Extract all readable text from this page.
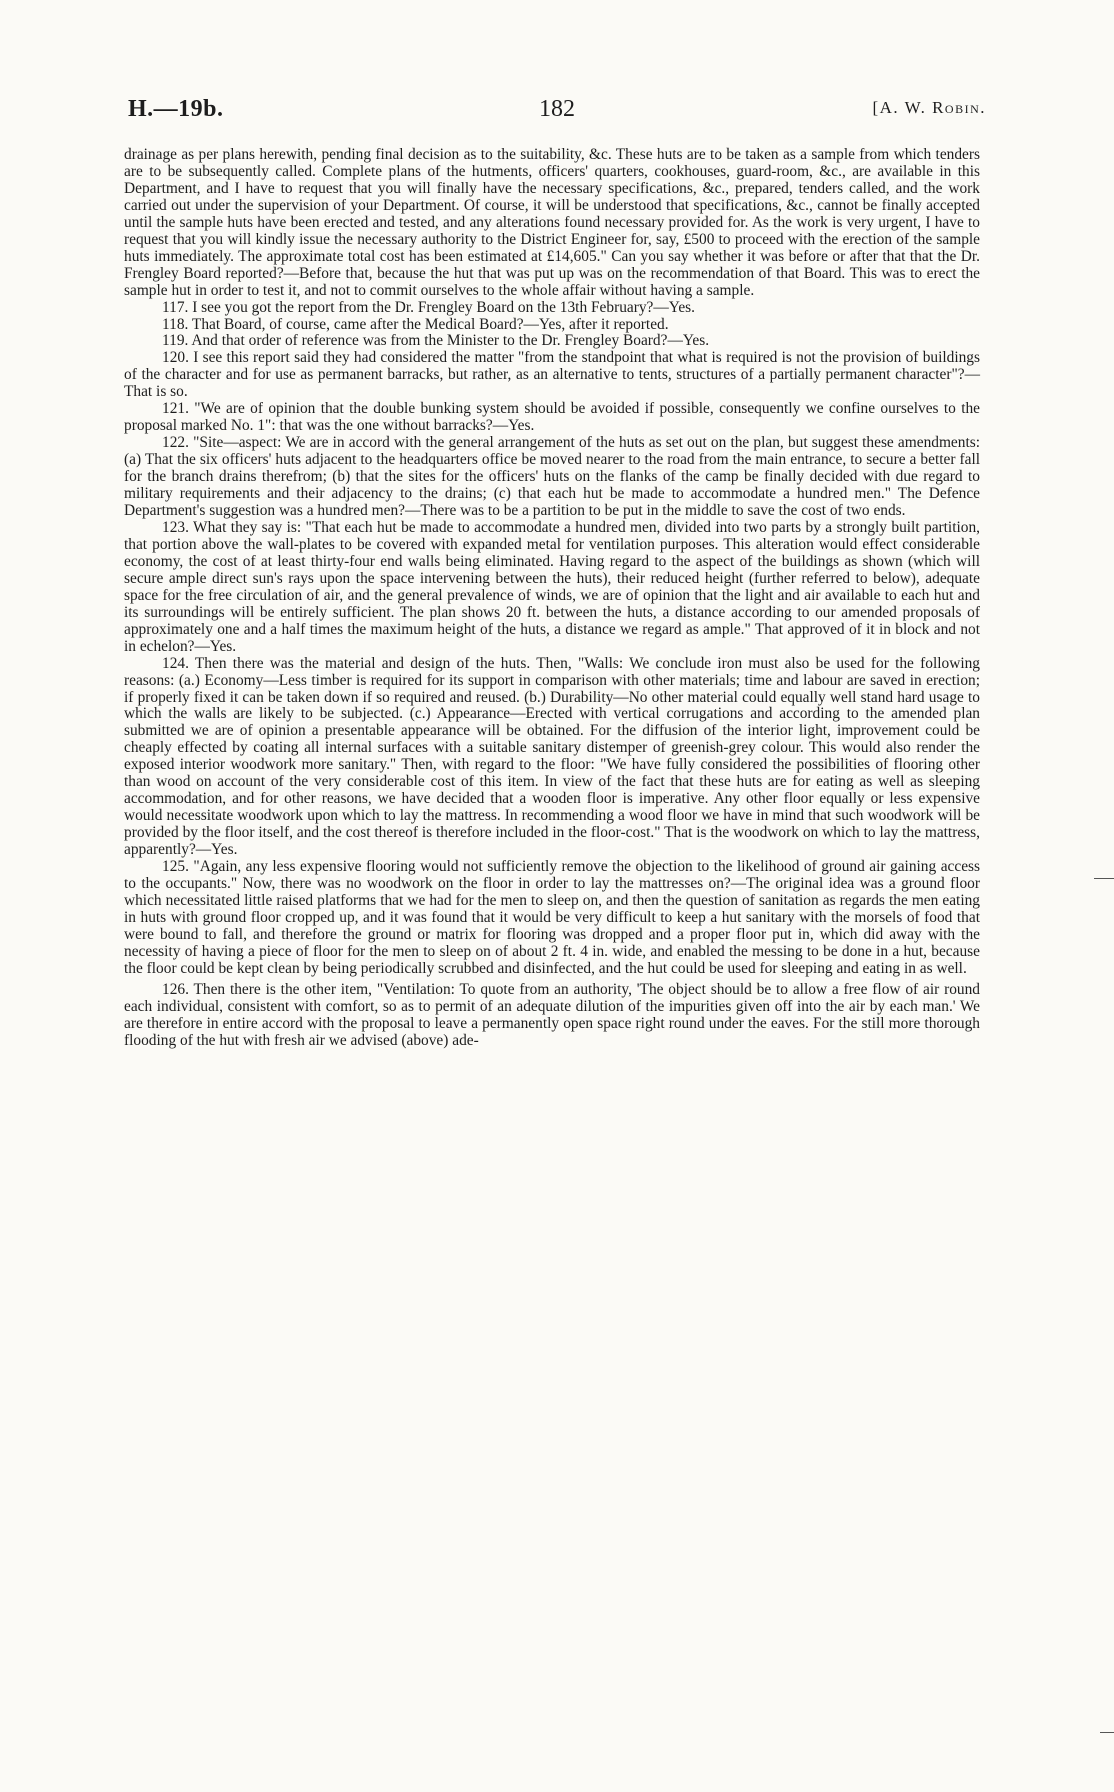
H.—19b.	182	[A. W. Robin.

drainage as per plans herewith, pending final decision as to the suitability, &c. These huts are to be taken as a sample from which tenders are to be subsequently called. Complete plans of the hutments, officers' quarters, cookhouses, guard-room, &c., are available in this Department, and I have to request that you will finally have the necessary specifications, &c., prepared, tenders called, and the work carried out under the supervision of your Department. Of course, it will be understood that specifications, &c., cannot be finally accepted until the sample huts have been erected and tested, and any alterations found necessary provided for. As the work is very urgent, I have to request that you will kindly issue the necessary authority to the District Engineer for, say, £500 to proceed with the erection of the sample huts immediately. The approximate total cost has been estimated at £14,605." Can you say whether it was before or after that that the Dr. Frengley Board reported?—Before that, because the hut that was put up was on the recommendation of that Board. This was to erect the sample hut in order to test it, and not to commit ourselves to the whole affair without having a sample.

117. I see you got the report from the Dr. Frengley Board on the 13th February?—Yes.

118. That Board, of course, came after the Medical Board?—Yes, after it reported.

119. And that order of reference was from the Minister to the Dr. Frengley Board?—Yes.

120. I see this report said they had considered the matter "from the standpoint that what is required is not the provision of buildings of the character and for use as permanent barracks, but rather, as an alternative to tents, structures of a partially permanent character"?—That is so.

121. "We are of opinion that the double bunking system should be avoided if possible, consequently we confine ourselves to the proposal marked No. 1": that was the one without barracks?—Yes.

122. "Site—aspect: We are in accord with the general arrangement of the huts as set out on the plan, but suggest these amendments: (a) That the six officers' huts adjacent to the headquarters office be moved nearer to the road from the main entrance, to secure a better fall for the branch drains therefrom; (b) that the sites for the officers' huts on the flanks of the camp be finally decided with due regard to military requirements and their adjacency to the drains; (c) that each hut be made to accommodate a hundred men." The Defence Department's suggestion was a hundred men?—There was to be a partition to be put in the middle to save the cost of two ends.

123. What they say is: "That each hut be made to accommodate a hundred men, divided into two parts by a strongly built partition, that portion above the wall-plates to be covered with expanded metal for ventilation purposes. This alteration would effect considerable economy, the cost of at least thirty-four end walls being eliminated. Having regard to the aspect of the buildings as shown (which will secure ample direct sun's rays upon the space intervening between the huts), their reduced height (further referred to below), adequate space for the free circulation of air, and the general prevalence of winds, we are of opinion that the light and air available to each hut and its surroundings will be entirely sufficient. The plan shows 20 ft. between the huts, a distance according to our amended proposals of approximately one and a half times the maximum height of the huts, a distance we regard as ample." That approved of it in block and not in echelon?—Yes.

124. Then there was the material and design of the huts. Then, "Walls: We conclude iron must also be used for the following reasons: (a.) Economy—Less timber is required for its support in comparison with other materials; time and labour are saved in erection; if properly fixed it can be taken down if so required and reused. (b.) Durability—No other material could equally well stand hard usage to which the walls are likely to be subjected. (c.) Appearance—Erected with vertical corrugations and according to the amended plan submitted we are of opinion a presentable appearance will be obtained. For the diffusion of the interior light, improvement could be cheaply effected by coating all internal surfaces with a suitable sanitary distemper of greenish-grey colour. This would also render the exposed interior woodwork more sanitary." Then, with regard to the floor: "We have fully considered the possibilities of flooring other than wood on account of the very considerable cost of this item. In view of the fact that these huts are for eating as well as sleeping accommodation, and for other reasons, we have decided that a wooden floor is imperative. Any other floor equally or less expensive would necessitate woodwork upon which to lay the mattress. In recommending a wood floor we have in mind that such woodwork will be provided by the floor itself, and the cost thereof is therefore included in the floor-cost." That is the woodwork on which to lay the mattress, apparently?—Yes.

125. "Again, any less expensive flooring would not sufficiently remove the objection to the likelihood of ground air gaining access to the occupants." Now, there was no woodwork on the floor in order to lay the mattresses on?—The original idea was a ground floor which necessitated little raised platforms that we had for the men to sleep on, and then the question of sanitation as regards the men eating in huts with ground floor cropped up, and it was found that it would be very difficult to keep a hut sanitary with the morsels of food that were bound to fall, and therefore the ground or matrix for flooring was dropped and a proper floor put in, which did away with the necessity of having a piece of floor for the men to sleep on of about 2 ft. 4 in. wide, and enabled the messing to be done in a hut, because the floor could be kept clean by being periodically scrubbed and disinfected, and the hut could be used for sleeping and eating in as well.

126. Then there is the other item, "Ventilation: To quote from an authority, 'The object should be to allow a free flow of air round each individual, consistent with comfort, so as to permit of an adequate dilution of the impurities given off into the air by each man.' We are therefore in entire accord with the proposal to leave a permanently open space right round under the eaves. For the still more thorough flooding of the hut with fresh air we advised (above) ade-
